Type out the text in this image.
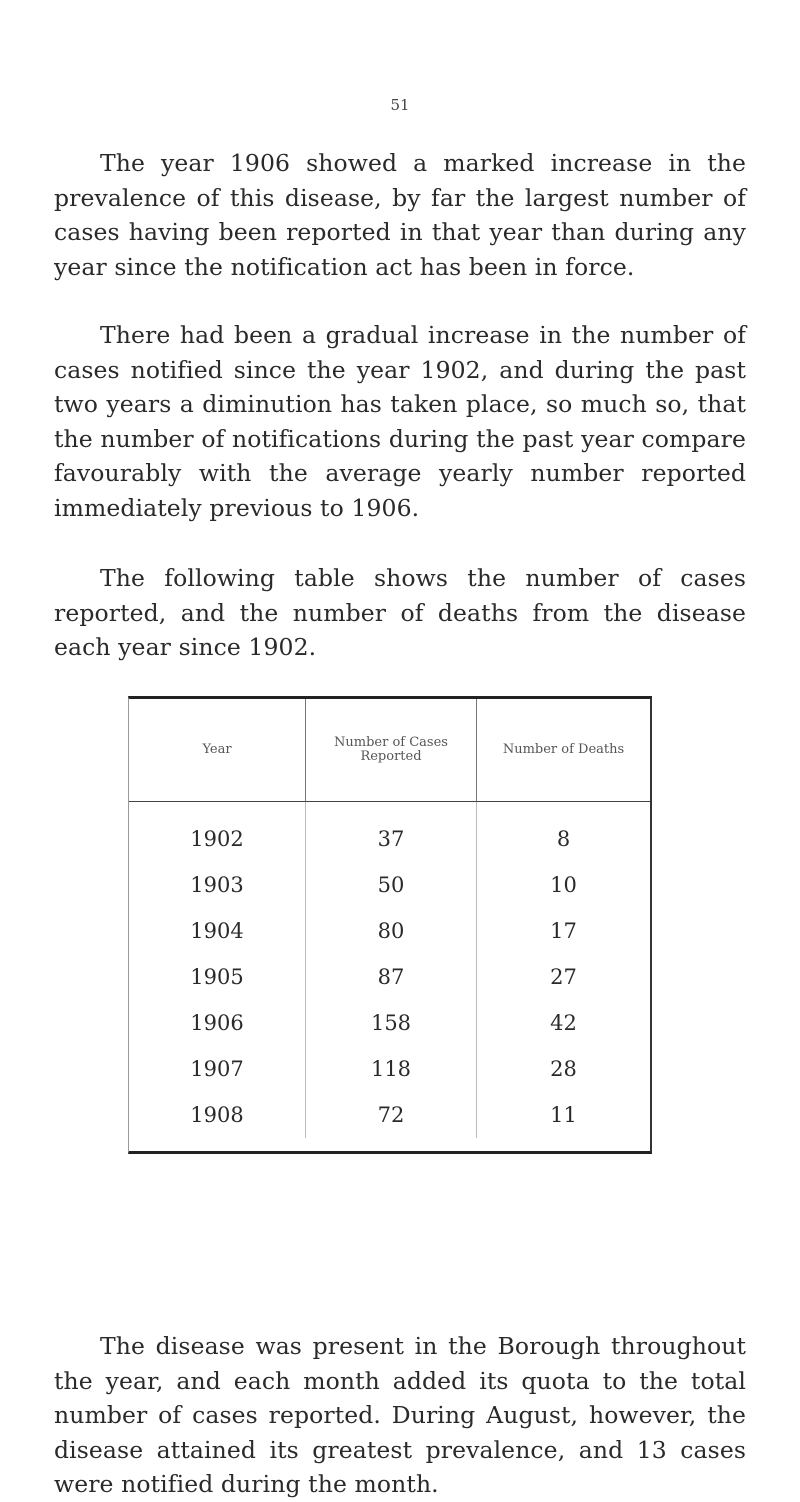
51

The year 1906 showed a marked increase in the prevalence of this disease, by far the largest number of cases having been reported in that year than during any year since the notification act has been in force.

There had been a gradual increase in the number of cases notified since the year 1902, and during the past two years a diminution has taken place, so much so, that the number of notifications during the past year compare favourably with the average yearly number reported immediately previous to 1906.

The following table shows the number of cases reported, and the number of deaths from the disease each year since 1902.

Year	Number of Cases Reported	Number of Deaths
1902	37	8
1903	50	10
1904	80	17
1905	87	27
1906	158	42
1907	118	28
1908	72	11

The disease was present in the Borough throughout the year, and each month added its quota to the total number of cases reported. During August, however, the disease attained its greatest prevalence, and 13 cases were notified during the month.
